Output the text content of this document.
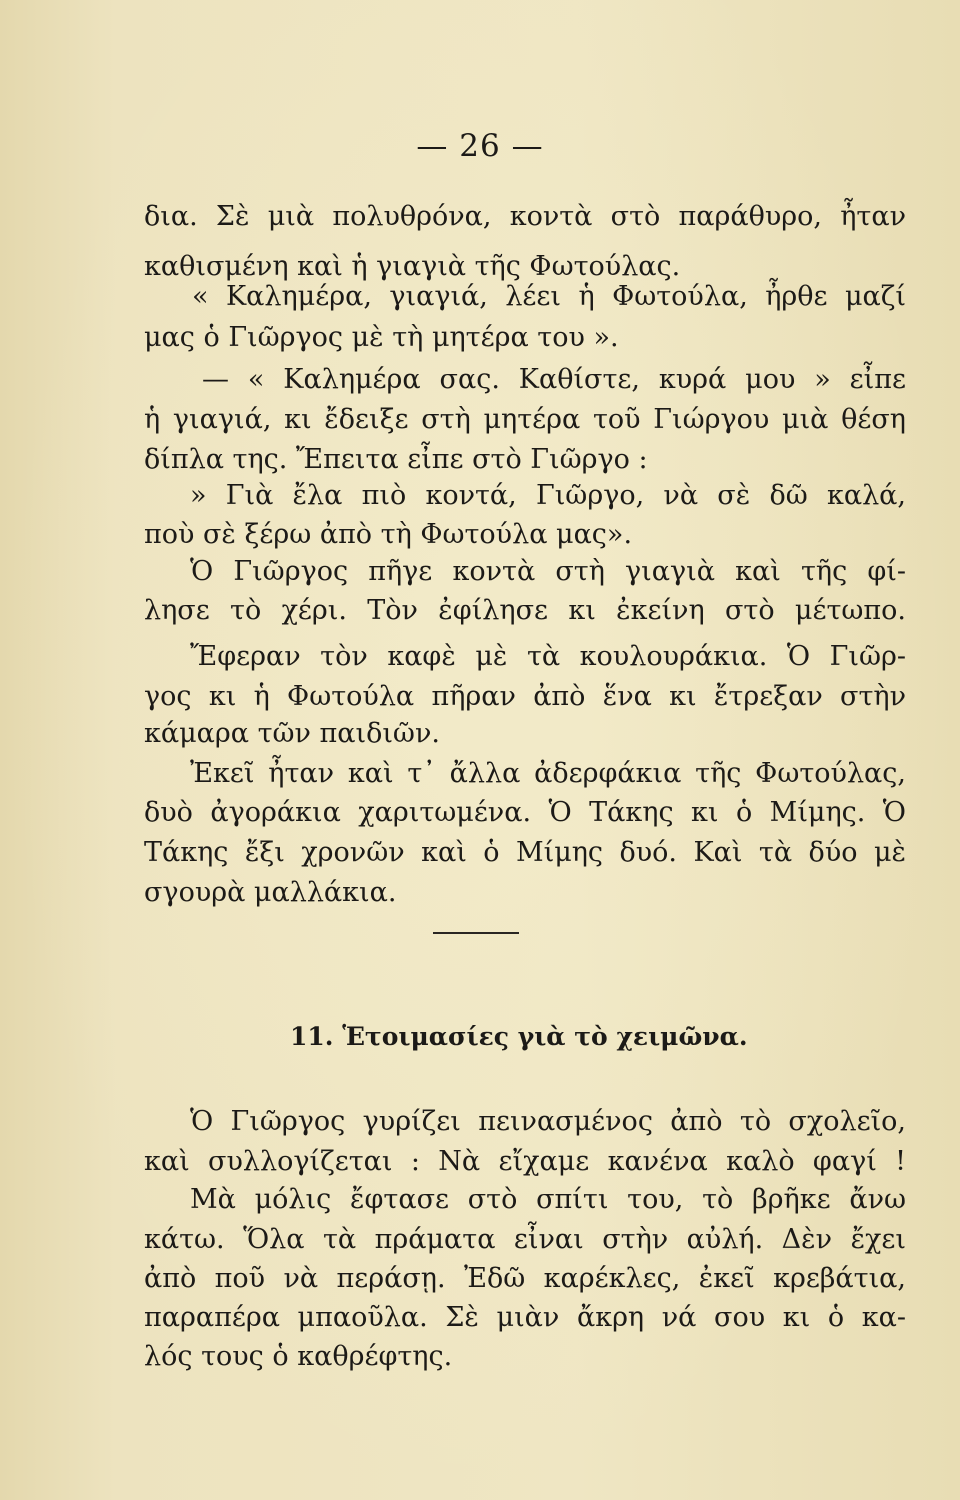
— 26 —
δια. Σὲ μιὰ πολυθρόνα, κοντὰ στὸ παράθυρο, ἦταν
καθισμένη καὶ ἡ γιαγιὰ τῆς Φωτούλας.
« Καλημέρα, γιαγιά, λέει ἡ Φωτούλα, ἦρθε μαζί
μας ὁ Γιῶργος μὲ τὴ μητέρα του ».
— « Καλημέρα σας. Καθίστε, κυρά μου » εἶπε
ἡ γιαγιά, κι ἔδειξε στὴ μητέρα τοῦ Γιώργου μιὰ θέση
δίπλα της. Ἔπειτα εἶπε στὸ Γιῶργο :
» Γιὰ ἔλα πιὸ κοντά, Γιῶργο, νὰ σὲ δῶ καλά,
ποὺ σὲ ξέρω ἀπὸ τὴ Φωτούλα μας».
Ὁ Γιῶργος πῆγε κοντὰ στὴ γιαγιὰ καὶ τῆς φί-
λησε τὸ χέρι. Τὸν ἐφίλησε κι ἐκείνη στὸ μέτωπο.
Ἔφεραν τὸν καφὲ μὲ τὰ κουλουράκια. Ὁ Γιῶρ-
γος κι ἡ Φωτούλα πῆραν ἀπὸ ἕνα κι ἔτρεξαν στὴν
κάμαρα τῶν παιδιῶν.
Ἐκεῖ ἦταν καὶ τ᾽ ἄλλα ἀδερφάκια τῆς Φωτούλας,
δυὸ ἀγοράκια χαριτωμένα. Ὁ Τάκης κι ὁ Μίμης. Ὁ
Τάκης ἔξι χρονῶν καὶ ὁ Μίμης δυό. Καὶ τὰ δύο μὲ
σγουρὰ μαλλάκια.
11. Ἑτοιμασίες γιὰ τὸ χειμῶνα.
Ὁ Γιῶργος γυρίζει πεινασμένος ἀπὸ τὸ σχολεῖο,
καὶ συλλογίζεται : Νὰ εἴχαμε κανένα καλὸ φαγί !
Μὰ μόλις ἔφτασε στὸ σπίτι του, τὸ βρῆκε ἄνω
κάτω. Ὅλα τὰ πράματα εἶναι στὴν αὐλή. Δὲν ἔχει
ἀπὸ ποῦ νὰ περάσῃ. Ἐδῶ καρέκλες, ἐκεῖ κρεβάτια,
παραπέρα μπαοῦλα. Σὲ μιὰν ἄκρη νά σου κι ὁ κα-
λός τους ὁ καθρέφτης.
